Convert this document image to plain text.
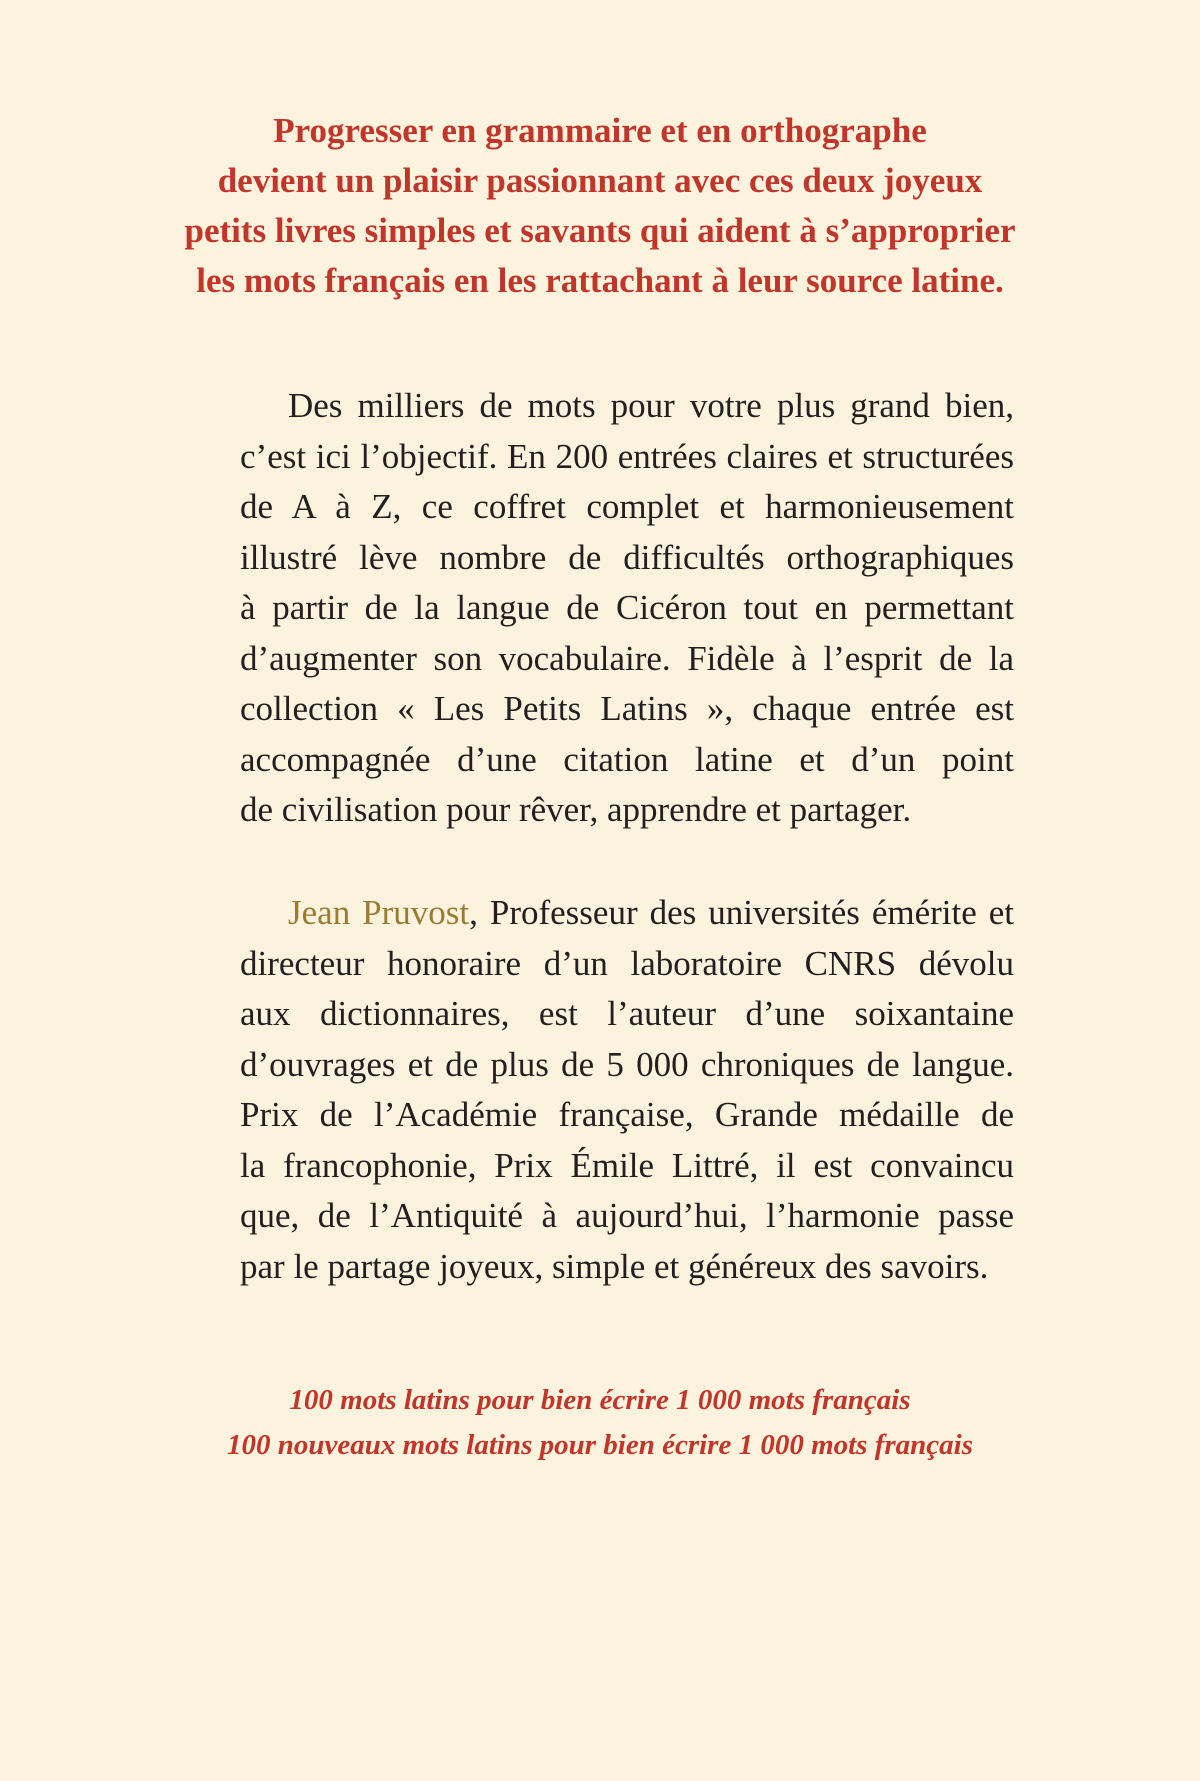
Progresser en grammaire et en orthographe
devient un plaisir passionnant avec ces deux joyeux
petits livres simples et savants qui aident à s’approprier
les mots français en les rattachant à leur source latine.
Des milliers de mots pour votre plus grand bien,
c’est ici l’objectif. En 200 entrées claires et structurées
de A à Z, ce coffret complet et harmonieusement
illustré lève nombre de difficultés orthographiques
à partir de la langue de Cicéron tout en permettant
d’augmenter son vocabulaire. Fidèle à l’esprit de la
collection « Les Petits Latins », chaque entrée est
accompagnée d’une citation latine et d’un point
de civilisation pour rêver, apprendre et partager.
Jean Pruvost, Professeur des universités émérite et
directeur honoraire d’un laboratoire CNRS dévolu
aux dictionnaires, est l’auteur d’une soixantaine
d’ouvrages et de plus de 5 000 chroniques de langue.
Prix de l’Académie française, Grande médaille de
la francophonie, Prix Émile Littré, il est convaincu
que, de l’Antiquité à aujourd’hui, l’harmonie passe
par le partage joyeux, simple et généreux des savoirs.
100 mots latins pour bien écrire 1 000 mots français
100 nouveaux mots latins pour bien écrire 1 000 mots français
